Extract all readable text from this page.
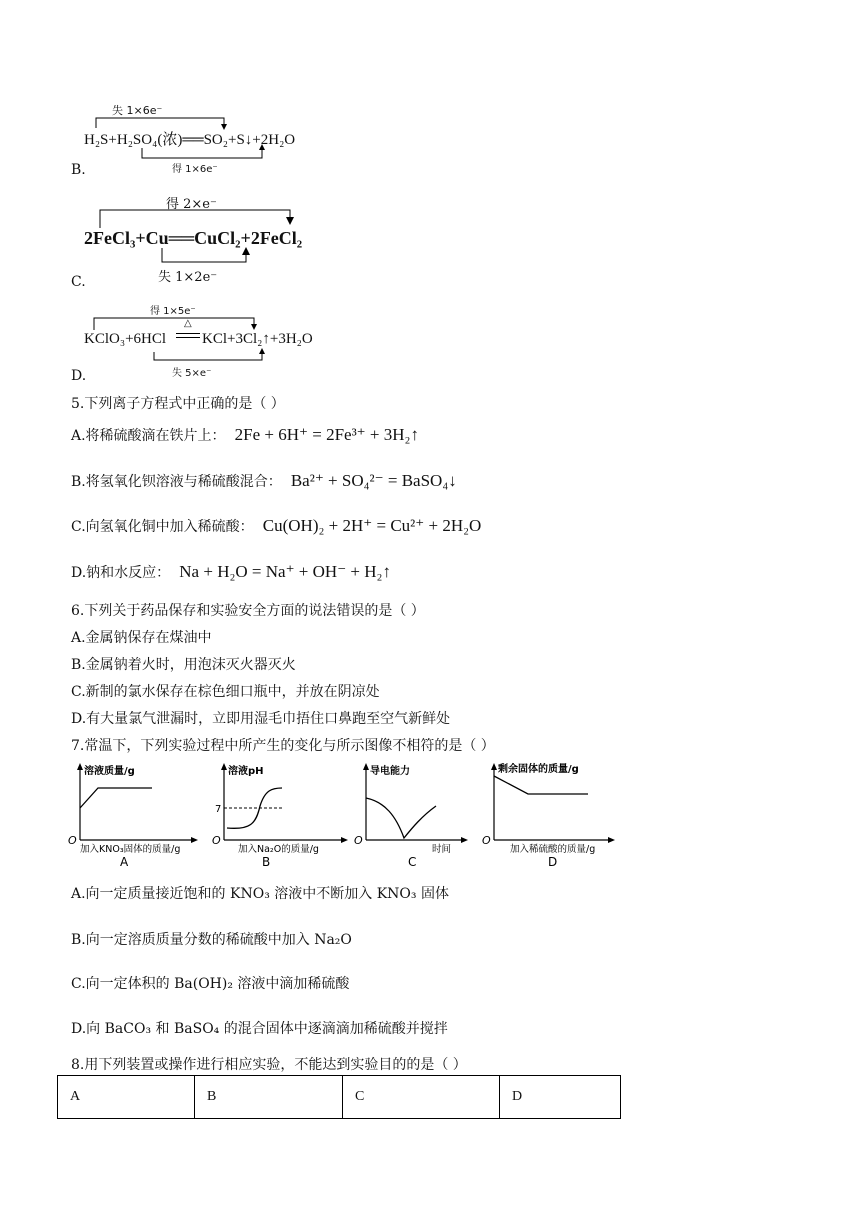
失 1×6e⁻
H₂S+H₂SO₄(浓)══SO₂+S↓+2H₂O
得 1×6e⁻
B.
得 2×e⁻
2FeCl₃+Cu══CuCl₂+2FeCl₂
失 1×2e⁻
C.
得 1×5e⁻
KClO₃+6HCl
△
KCl+3Cl₂↑+3H₂O
失 5×e⁻
D.
5.下列离子方程式中正确的是（ ）
A.将稀硫酸滴在铁片上： 2Fe + 6H⁺ = 2Fe³⁺ + 3H₂↑
B.将氢氧化钡溶液与稀硫酸混合： Ba²⁺ + SO₄²⁻ = BaSO₄↓
C.向氢氧化铜中加入稀硫酸： Cu(OH)₂ + 2H⁺ = Cu²⁺ + 2H₂O
D.钠和水反应： Na + H₂O = Na⁺ + OH⁻ + H₂↑
6.下列关于药品保存和实验安全方面的说法错误的是（ ）
A.金属钠保存在煤油中
B.金属钠着火时，用泡沫灭火器灭火
C.新制的氯水保存在棕色细口瓶中，并放在阴凉处
D.有大量氯气泄漏时，立即用湿毛巾捂住口鼻跑至空气新鲜处
7.常温下，下列实验过程中所产生的变化与所示图像不相符的是（ ）
溶液质量/g
O
加入KNO₃固体的质量/g
A
溶液pH
7
O
加入Na₂O的质量/g
B
导电能力
O
时间
C
剩余固体的质量/g
O
加入稀硫酸的质量/g
D
A.向一定质量接近饱和的 KNO₃ 溶液中不断加入 KNO₃ 固体
B.向一定溶质质量分数的稀硫酸中加入 Na₂O
C.向一定体积的 Ba(OH)₂ 溶液中滴加稀硫酸
D.向 BaCO₃ 和 BaSO₄ 的混合固体中逐滴滴加稀硫酸并搅拌
8.用下列装置或操作进行相应实验，不能达到实验目的的是（ ）
A	B	C	D
